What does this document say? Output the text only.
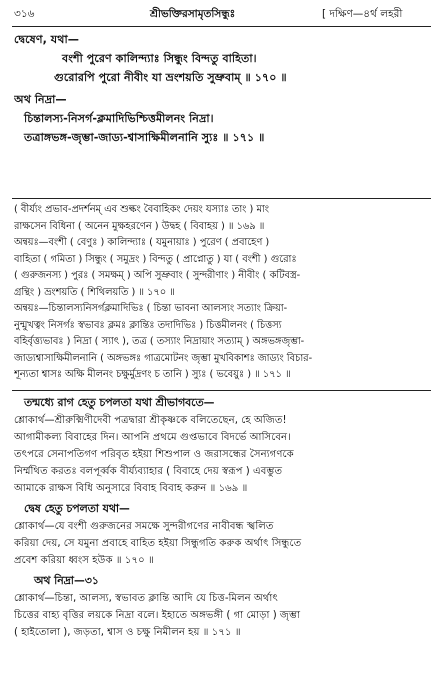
৩১৬	শ্রীভক্তিরসামৃতসিন্ধুঃ	[ দক্ষিণ—৪র্থ লহরী
দ্বেষেণ, যথা—
বংশী পুরেণ কালিন্দ্যাঃ সিন্ধুং বিন্দতু বাহিতা।
গুরোরপি পুরো নীবীং যা ভ্রংশয়তি সুভ্রুবাম্ ॥ ১৭০ ॥
অথ নিদ্রা—
চিন্তালস্য-নিসর্গ-ক্লমাদিভিশ্চিত্তমীলনং নিদ্রা।
তত্রাঙ্গভঙ্গ-জৃম্ভা-জাড্য-শ্বাসাক্ষিমীলনানি স্যুঃ ॥ ১৭১ ॥
( বীর্য্যং প্রভাব-প্রদর্শনম্ এব শুল্কং বৈবাহিকং দেয়ং যস্যাঃ তাং ) মাং
রাক্ষসেন বিধিনা ( অনেন মুক্ষহরণেন ) উদ্বহ ( বিবাহয় ) ॥ ১৬৯ ॥
অন্বয়ঃ—বংশী ( বেণুঃ ) কালিন্দ্যাঃ ( যমুনায়াঃ ) পুরেণ ( প্রবাহেণ )
বাহিতা ( গমিতা ) সিন্ধুং ( সমুদ্রং ) বিন্দতু ( প্রাপ্নোতু ) যা ( বংশী ) গুরোঃ
( গুরুজনস্য ) পুরঃ ( সমক্ষম্ ) অপি সুভ্রুবাং ( সুন্দরীণাং ) নীবীং ( কটিবস্ত্র-
গ্রন্থিং ) ভ্রংশয়তি ( শিথিলয়তি ) ॥ ১৭০ ॥
অন্বয়ঃ—চিন্তালস্যনিসর্গক্লমাদিভিঃ ( চিন্তা ভাবনা আলস্যং সত্যাং ক্রিয়া-
নুন্মুখত্বং নিসর্গঃ স্বভাবঃ ক্লমঃ ক্লান্তিঃ তদাদিভিঃ ) চিত্তমীলনং ( চিত্তস্য
বহির্বৃত্ত্যভাবঃ ) নিদ্রা ( স্যাৎ ), তত্র ( তস্যাং নিদ্রায়াং সত্যাম্ ) অঙ্গভঙ্গজৃম্ভা-
জাড্যশ্বাসাক্ষিমীলনানি ( অঙ্গভঙ্গঃ গাত্রমোটনং জৃম্ভা মুখবিকাশঃ জাড্যং বিচার-
শূন্যতা শ্বাসঃ অক্ষি মীলনং চক্ষুর্মুদ্রণং চ তানি ) স্যুঃ ( ভবেয়ুঃ ) ॥ ১৭১ ॥
তন্মধ্যে রাগ হেতু চপলতা যথা শ্রীভাগবতে—
শ্লোকার্থ—শ্রীরুক্মিণীদেবী পত্রদ্বারা শ্রীকৃষ্ণকে বলিতেছেন, হে অজিত!
আগামীকল্য বিবাহের দিন। আপনি প্রথমে গুপ্তভাবে বিদর্ভে আসিবেন।
তৎপরে সেনাপতিগণ পরিবৃত হইয়া শিশুপাল ও জরাসন্ধের সৈন্যগণকে
নির্ম্মথিত করতঃ বলপূর্ব্বক বীর্য্যব্যাহার ( বিবাহে দেয় স্বরূপ ) এবম্ভুত
আমাকে রাক্ষস বিধি অনুসারে বিবাহ বিবাহ করুন ॥ ১৬৯ ॥
দ্বেষ হেতু চপলতা যথা—
শ্লোকার্থ—যে বংশী গুরুজনের সমক্ষে সুন্দরীগণের নাবীবন্ধ স্খলিত
করিয়া দেয়, সে যমুনা প্রবাহে বাহিত হইয়া সিন্ধুগতি করুক অর্থাৎ সিন্ধুতে
প্রবেশ করিয়া ধ্বংস হউক ॥ ১৭০ ॥
অথ নিদ্রা—৩১
শ্লোকার্থ—চিন্তা, আলস্য, স্বভাবত ক্লান্তি আদি যে চিত্ত-মিলন অর্থাৎ
চিত্তের বাহ্য বৃত্তির লয়কে নিদ্রা বলে। ইহাতে অঙ্গভঙ্গী ( গা মোড়া ) জৃম্ভা
( হাইতোলা ), জড়তা, শ্বাস ও চক্ষু নিমীলন হয় ॥ ১৭১ ॥
